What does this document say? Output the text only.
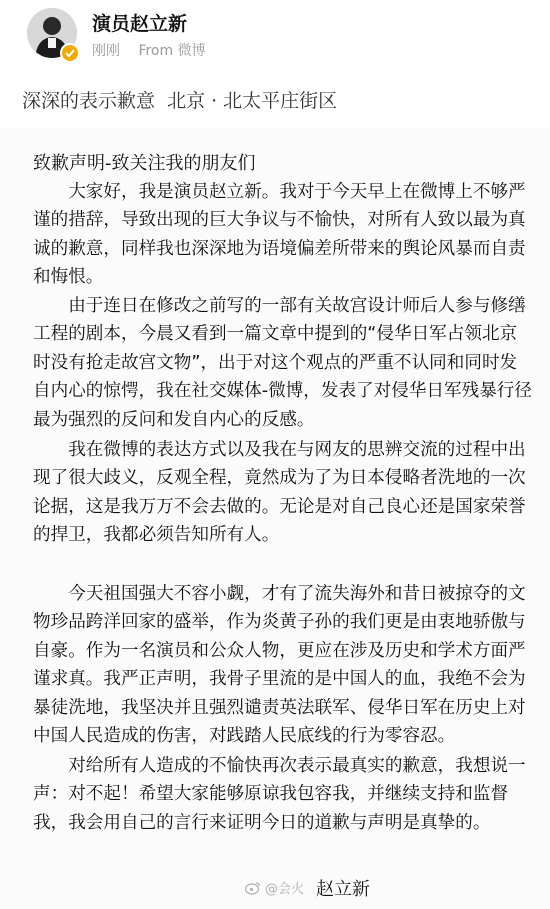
演员赵立新
刚刚 From 微博
深深的表示歉意 北京 · 北太平庄街区
致歉声明-致关注我的朋友们

大家好，我是演员赵立新。我对于今天早上在微博上不够严谨的措辞，导致出现的巨大争议与不愉快，对所有人致以最为真诚的歉意，同样我也深深地为语境偏差所带来的舆论风暴而自责和悔恨。

由于连日在修改之前写的一部有关故宫设计师后人参与修缮工程的剧本，今晨又看到一篇文章中提到的“侵华日军占领北京时没有抢走故宫文物”，出于对这个观点的严重不认同和同时发自内心的惊愕，我在社交媒体-微博，发表了对侵华日军残暴行径最为强烈的反问和发自内心的反感。

我在微博的表达方式以及我在与网友的思辨交流的过程中出现了很大歧义，反观全程，竟然成为了为日本侵略者洗地的一次论据，这是我万万不会去做的。无论是对自己良心还是国家荣誉的捍卫，我都必须告知所有人。

今天祖国强大不容小觑，才有了流失海外和昔日被掠夺的文物珍品跨洋回家的盛举，作为炎黄子孙的我们更是由衷地骄傲与自豪。作为一名演员和公众人物，更应在涉及历史和学术方面严谨求真。我严正声明，我骨子里流的是中国人的血，我绝不会为暴徒洗地，我坚决并且强烈谴责英法联军、侵华日军在历史上对中国人民造成的伤害，对践踏人民底线的行为零容忍。

对给所有人造成的不愉快再次表示最真实的歉意，我想说一声：对不起！希望大家能够原谅我包容我，并继续支持和监督我，我会用自己的言行来证明今日的道歉与声明是真挚的。

@会火 赵立新
